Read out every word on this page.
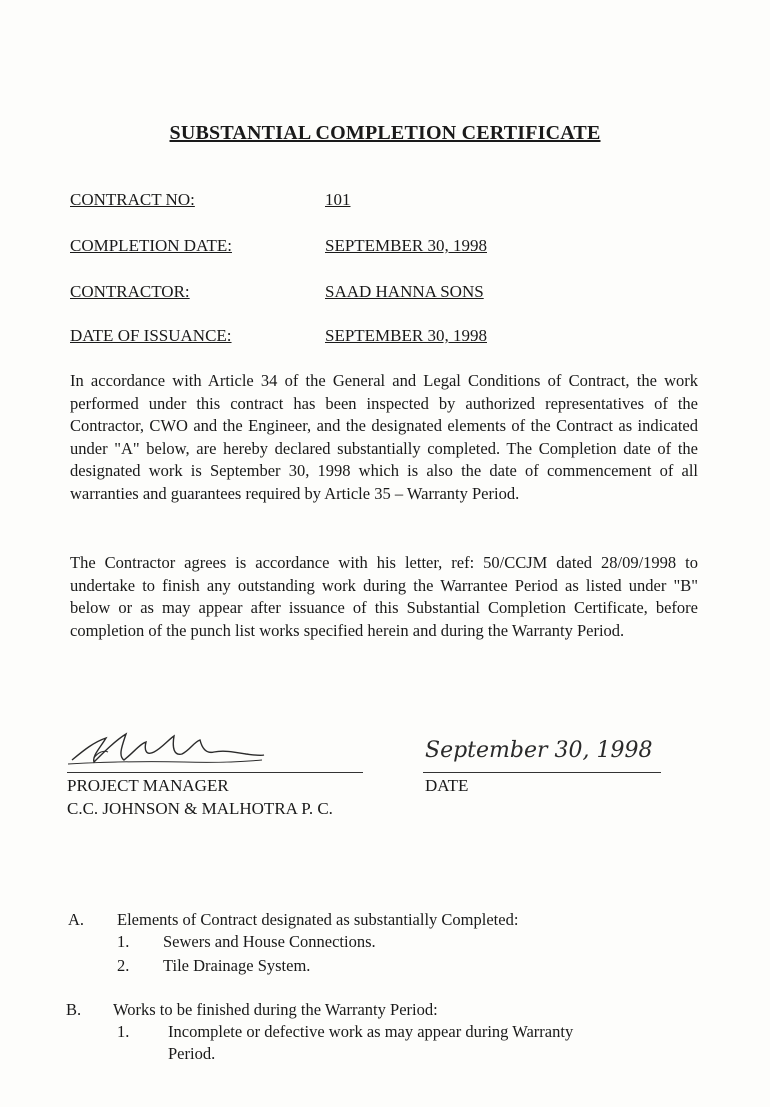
SUBSTANTIAL COMPLETION CERTIFICATE
CONTRACT NO:	101
COMPLETION DATE:	SEPTEMBER 30, 1998
CONTRACTOR:	SAAD HANNA SONS
DATE OF ISSUANCE:	SEPTEMBER 30, 1998
In accordance with Article 34 of the General and Legal Conditions of Contract, the work performed under this contract has been inspected by authorized representatives of the Contractor, CWO and the Engineer, and the designated elements of the Contract as indicated under "A" below, are hereby declared substantially completed. The Completion date of the designated work is September 30, 1998 which is also the date of commencement of all warranties and guarantees required by Article 35 – Warranty Period.
The Contractor agrees is accordance with his letter, ref: 50/CCJM dated 28/09/1998 to undertake to finish any outstanding work during the Warrantee Period as listed under "B" below or as may appear after issuance of this Substantial Completion Certificate, before completion of the punch list works specified herein and during the Warranty Period.
PROJECT MANAGER
C.C. JOHNSON & MALHOTRA P. C.
September 30, 1998
DATE
A. Elements of Contract designated as substantially Completed:
1. Sewers and House Connections.
2. Tile Drainage System.
B. Works to be finished during the Warranty Period:
1. Incomplete or defective work as may appear during Warranty
Period.
